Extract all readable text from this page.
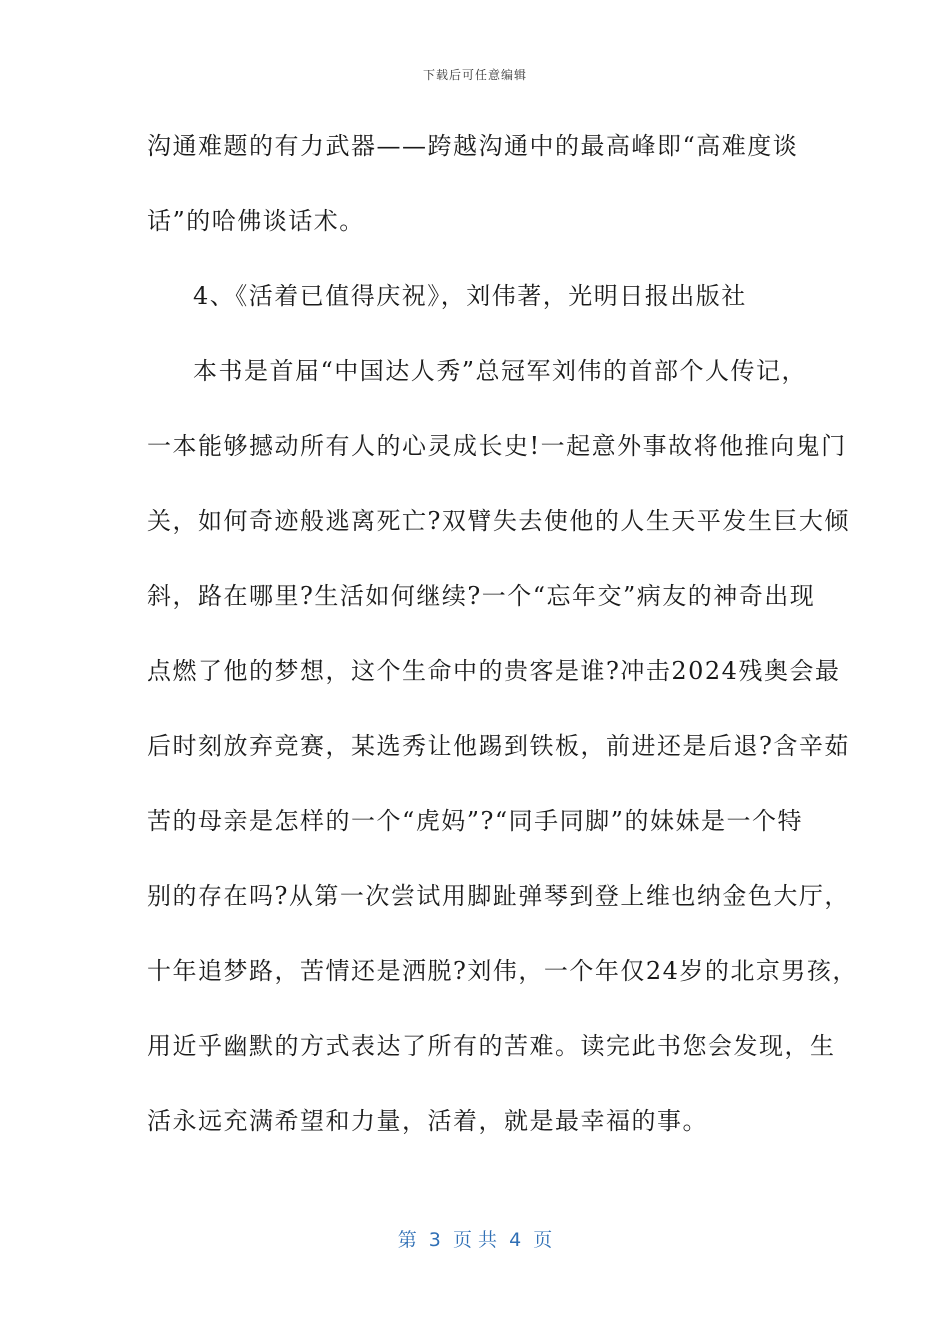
下载后可任意编辑
沟通难题的有力武器——跨越沟通中的最高峰即“高难度谈
话”的哈佛谈话术。
4、《活着已值得庆祝》，刘伟著，光明日报出版社
本书是首届“中国达人秀”总冠军刘伟的首部个人传记，
一本能够撼动所有人的心灵成长史!一起意外事故将他推向鬼门
关，如何奇迹般逃离死亡?双臂失去使他的人生天平发生巨大倾
斜，路在哪里?生活如何继续?一个“忘年交”病友的神奇出现
点燃了他的梦想，这个生命中的贵客是谁?冲击2024残奥会最
后时刻放弃竞赛，某选秀让他踢到铁板，前进还是后退?含辛茹
苦的母亲是怎样的一个“虎妈”?“同手同脚”的妹妹是一个特
别的存在吗?从第一次尝试用脚趾弹琴到登上维也纳金色大厅，
十年追梦路，苦情还是洒脱?刘伟，一个年仅24岁的北京男孩，
用近乎幽默的方式表达了所有的苦难。读完此书您会发现，生
活永远充满希望和力量，活着，就是最幸福的事。
第  3  页 共  4  页
